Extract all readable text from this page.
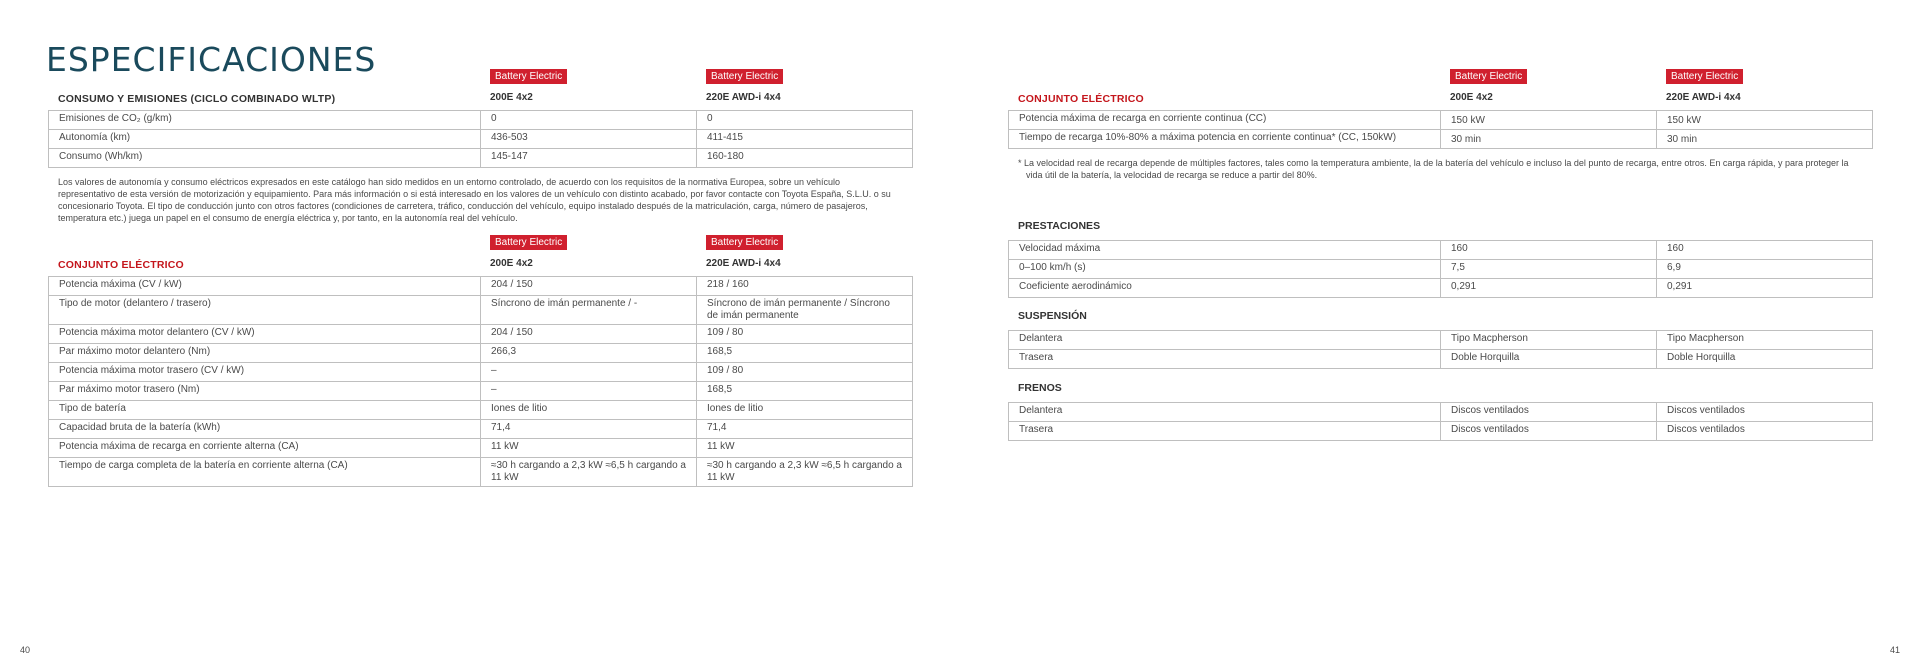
ESPECIFICACIONES
CONSUMO Y EMISIONES (CICLO COMBINADO WLTP)
Battery Electric
200E 4x2
Battery Electric
220E AWD-i 4x4
Emisiones de CO₂ (g/km)	0	0
Autonomía (km)	436-503	411-415
Consumo (Wh/km)	145-147	160-180

Los valores de autonomía y consumo eléctricos expresados en este catálogo han sido medidos en un entorno controlado, de acuerdo con los requisitos de la normativa Europea, sobre un vehículo representativo de esta versión de motorización y equipamiento. Para más información o si está interesado en los valores de un vehículo con distinto acabado, por favor contacte con Toyota España, S.L.U. o su concesionario Toyota. El tipo de conducción junto con otros factores (condiciones de carretera, tráfico, conducción del vehículo, equipo instalado después de la matriculación, carga, número de pasajeros, temperatura etc.) juega un papel en el consumo de energía eléctrica y, por tanto, en la autonomía real del vehículo.

CONJUNTO ELÉCTRICO
Battery Electric
200E 4x2
Battery Electric
220E AWD-i 4x4
Potencia máxima (CV / kW)	204 / 150	218 / 160
Tipo de motor (delantero / trasero)	Síncrono de imán permanente / -	Síncrono de imán permanente / Síncrono de imán permanente
Potencia máxima motor delantero (CV / kW)	204 / 150	109 / 80
Par máximo motor delantero (Nm)	266,3	168,5
Potencia máxima motor trasero (CV / kW)	–	109 / 80
Par máximo motor trasero (Nm)	–	168,5
Tipo de batería	Iones de litio	Iones de litio
Capacidad bruta de la batería (kWh)	71,4	71,4
Potencia máxima de recarga en corriente alterna (CA)	11 kW	11 kW
Tiempo de carga completa de la batería en corriente alterna (CA)	≈30 h cargando a 2,3 kW ≈6,5 h cargando a 11 kW	≈30 h cargando a 2,3 kW ≈6,5 h cargando a 11 kW
CONJUNTO ELÉCTRICO
Battery Electric
200E 4x2
Battery Electric
220E AWD-i 4x4
Potencia máxima de recarga en corriente continua (CC)	150 kW	150 kW
Tiempo de recarga 10%-80% a máxima potencia en corriente continua* (CC, 150kW)	30 min	30 min

* La velocidad real de recarga depende de múltiples factores, tales como la temperatura ambiente, la de la batería del vehículo e incluso la del punto de recarga, entre otros. En carga rápida, y para proteger la vida útil de la batería, la velocidad de recarga se reduce a partir del 80%.

PRESTACIONES
Velocidad máxima	160	160
0–100 km/h (s)	7,5	6,9
Coeficiente aerodinámico	0,291	0,291
SUSPENSIÓN
Delantera	Tipo Macpherson	Tipo Macpherson
Trasera	Doble Horquilla	Doble Horquilla
FRENOS
Delantera	Discos ventilados	Discos ventilados
Trasera	Discos ventilados	Discos ventilados
40	41
